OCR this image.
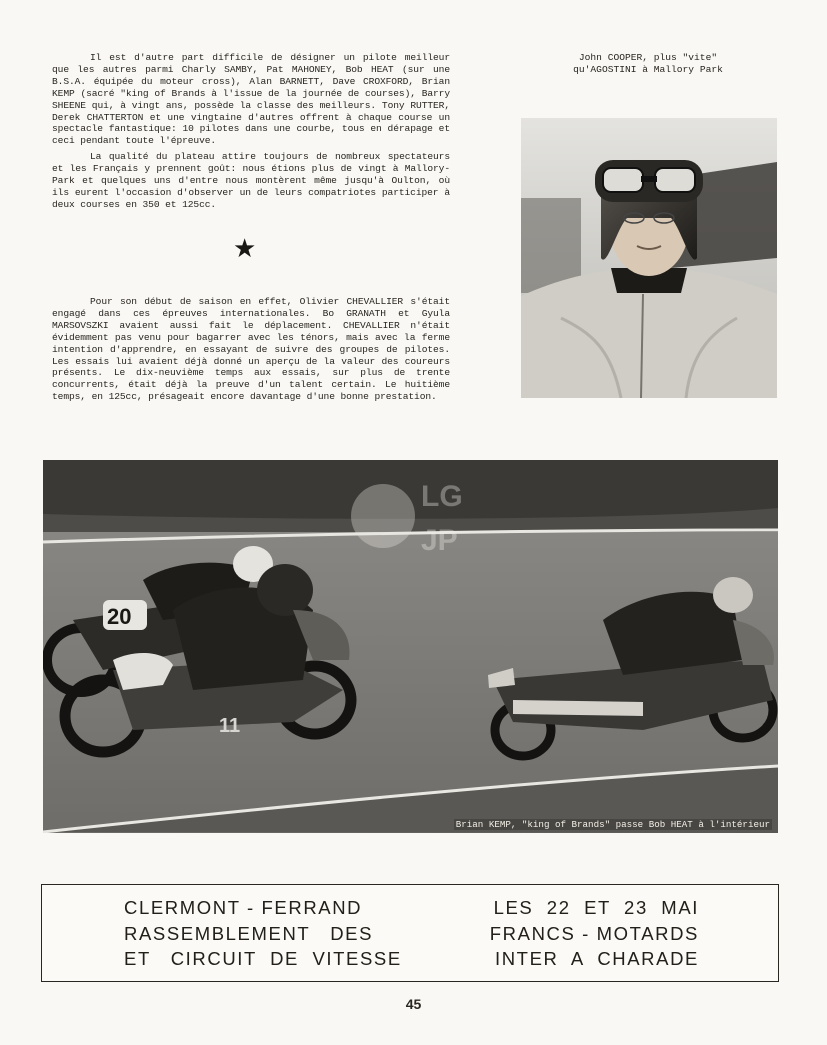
Il est d'autre part difficile de désigner un pilote meilleur que les autres parmi Charly SAMBY, Pat MAHONEY, Bob HEAT (sur une B.S.A. équipée du moteur cross), Alan BARNETT, Dave CROXFORD, Brian KEMP (sacré "king of Brands à l'issue de la journée de courses), Barry SHEENE qui, à vingt ans, possède la classe des meilleurs. Tony RUTTER, Derek CHATTERTON et une vingtaine d'autres offrent à chaque course un spectacle fantastique: 10 pilotes dans une courbe, tous en dérapage et ceci pendant toute l'épreuve.

La qualité du plateau attire toujours de nombreux spectateurs et les Français y prennent goût: nous étions plus de vingt à Mallory-Park et quelques uns d'entre nous montèrent même jusqu'à Oulton, où ils eurent l'occasion d'observer un de leurs compatriotes participer à deux courses en 350 et 125cc.

★

Pour son début de saison en effet, Olivier CHEVALLIER s'était engagé dans ces épreuves internationales. Bo GRANATH et Gyula MARSOVSZKI avaient aussi fait le déplacement. CHEVALLIER n'était évidemment pas venu pour bagarrer avec les ténors, mais avec la ferme intention d'apprendre, en essayant de suivre des groupes de pilotes. Les essais lui avaient déjà donné un aperçu de la valeur des coureurs présents. Le dix-neuvième temps aux essais, sur plus de trente concurrents, était déjà la preuve d'un talent certain. Le huitième temps, en 125cc, présageait encore davantage d'une bonne prestation.

John COOPER, plus "vite"
qu'AGOSTINI à Mallory Park
20
11
LG
JP
Brian KEMP, "king of Brands" passe Bob HEAT à l'intérieur
CLERMONT - FERRAND	LES  22  ET  23  MAI
RASSEMBLEMENT   DES	FRANCS - MOTARDS
ET   CIRCUIT  DE  VITESSE	INTER  A  CHARADE
45
